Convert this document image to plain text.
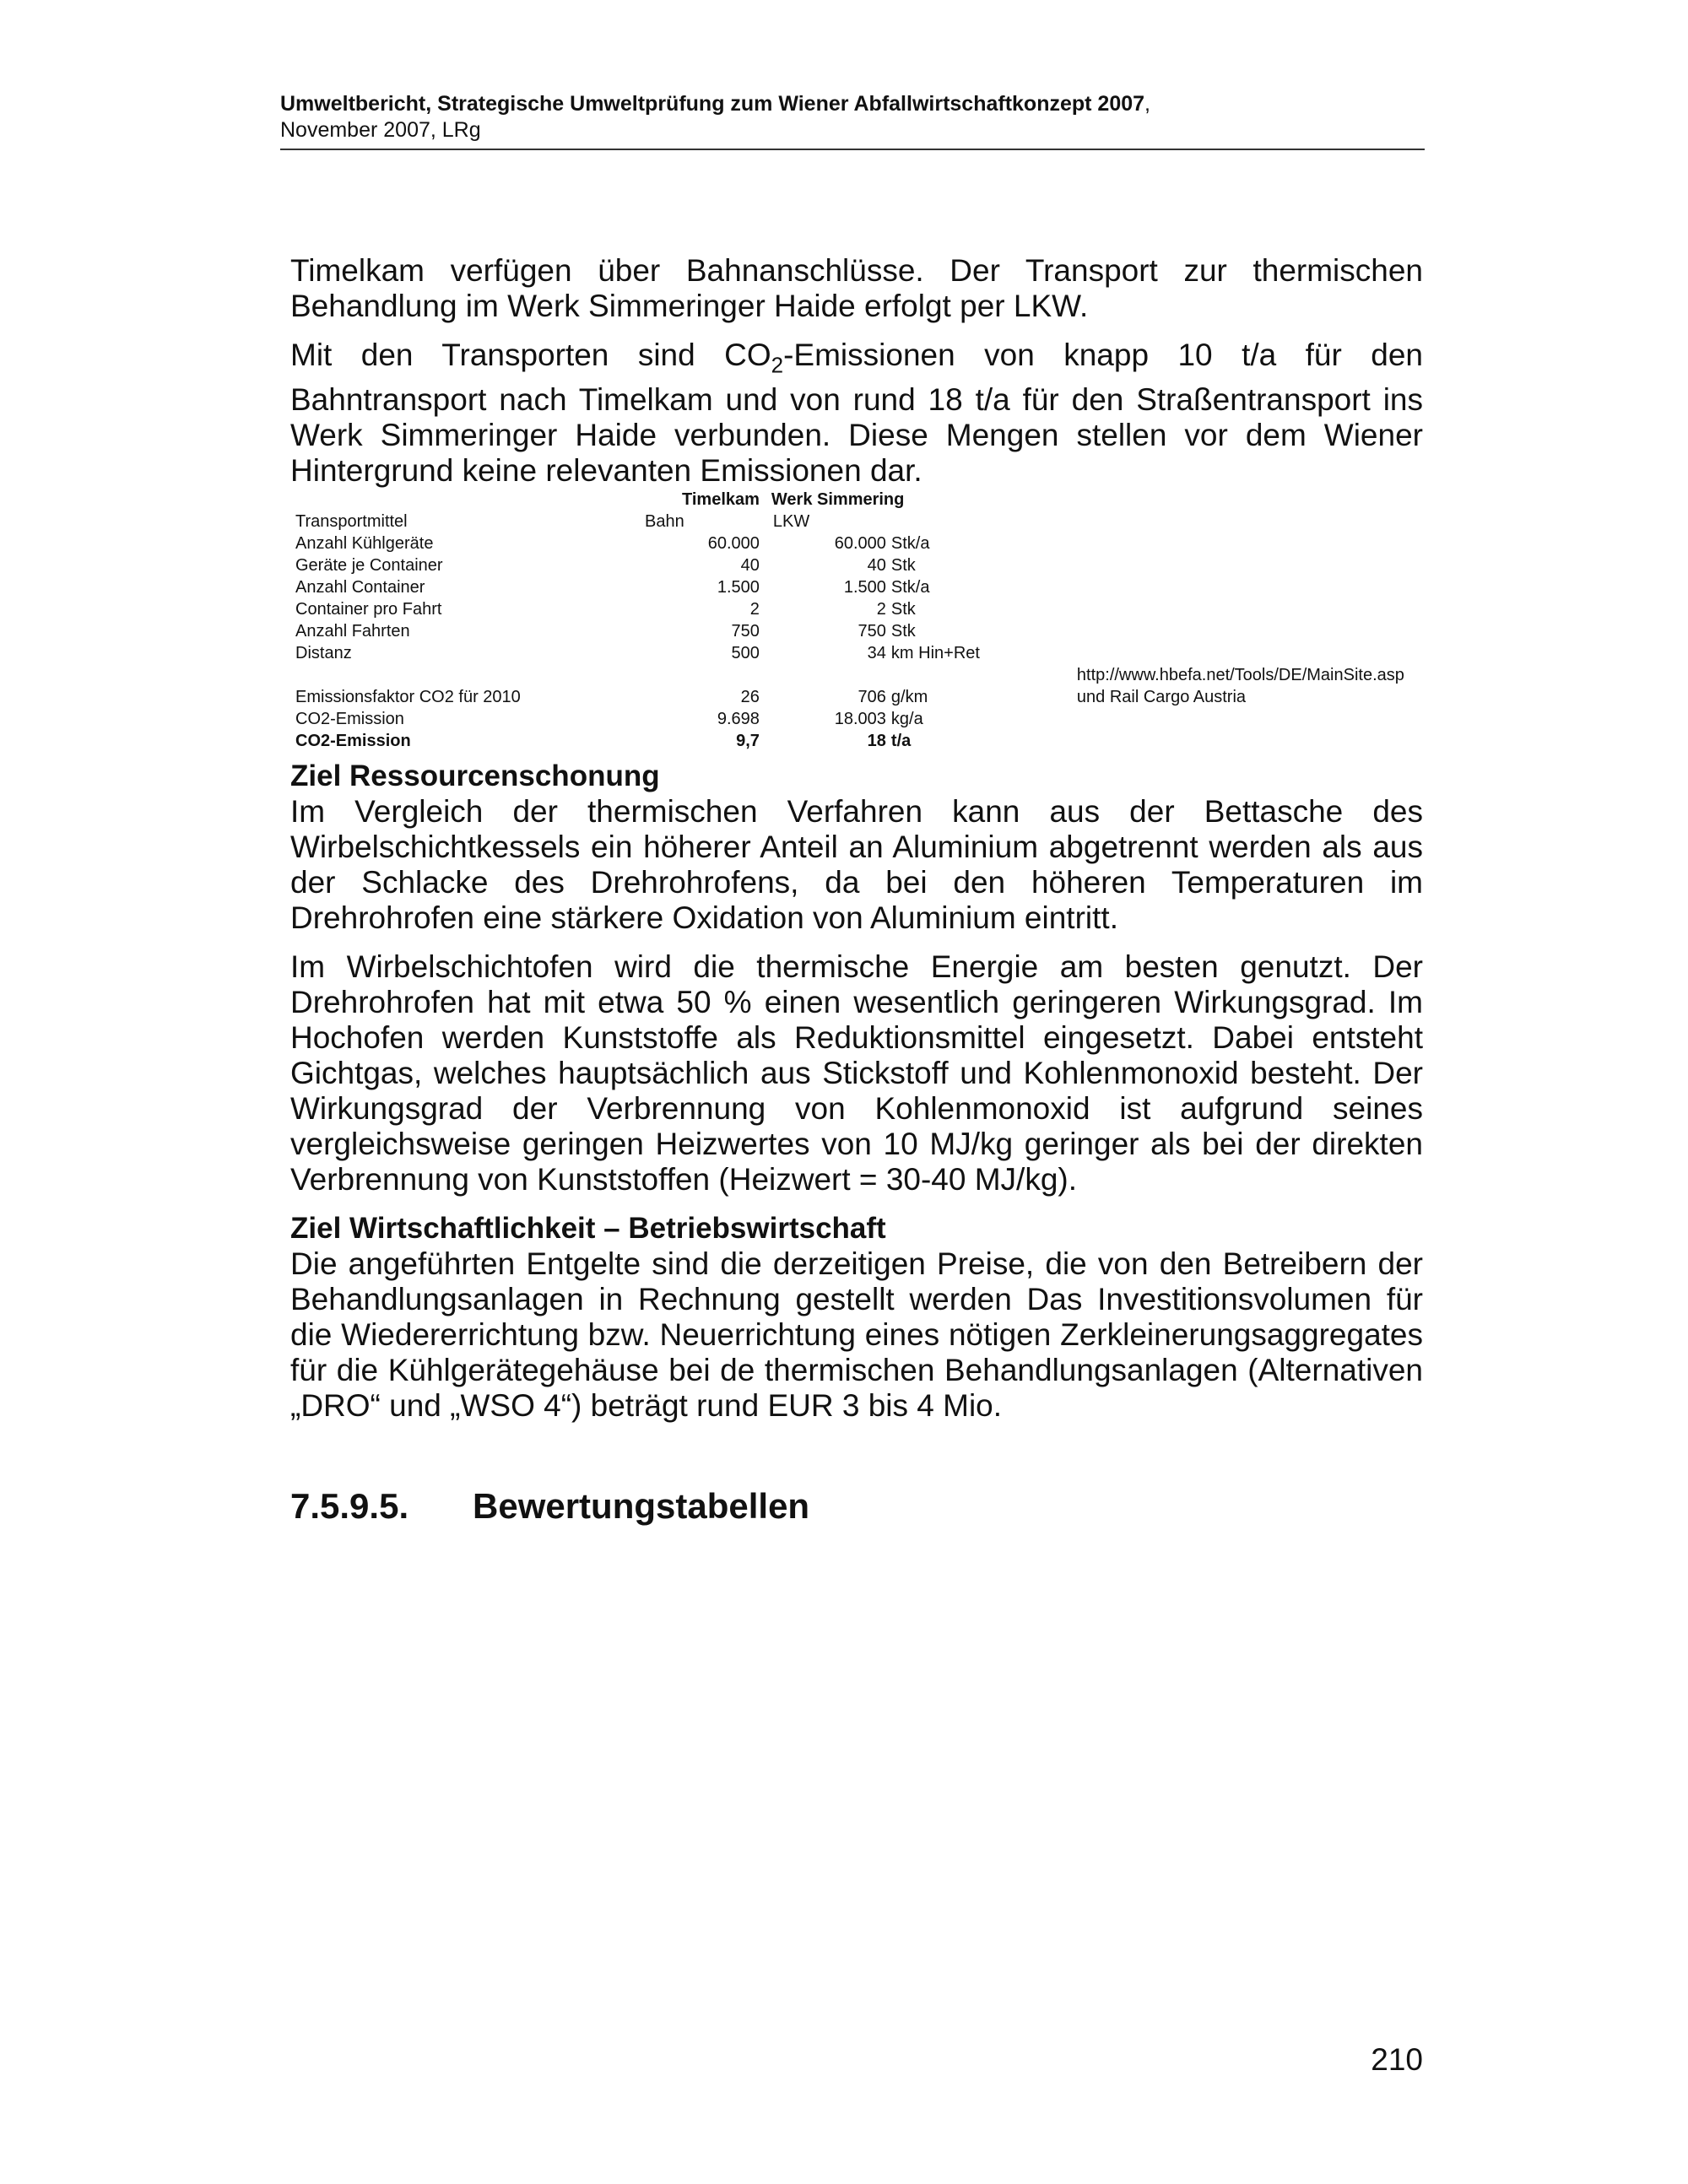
Umweltbericht, Strategische Umweltprüfung zum Wiener Abfallwirtschaftkonzept 2007,
November 2007, LRg

Timelkam verfügen über Bahnanschlüsse. Der Transport zur thermischen Behandlung im Werk Simmeringer Haide erfolgt per LKW.

Mit den Transporten sind $CO_2$-Emissionen von knapp 10 t/a für den Bahntransport nach Timelkam und von rund 18 t/a für den Straßentransport ins Werk Simmeringer Haide verbunden. Diese Mengen stellen vor dem Wiener Hintergrund keine relevanten Emissionen dar.

	Timelkam	Werk Simmering		
Transportmittel	Bahn	LKW		
Anzahl Kühlgeräte	60.000	60.000	Stk/a	
Geräte je Container	40	40	Stk	
Anzahl Container	1.500	1.500	Stk/a	
Container pro Fahrt	2	2	Stk	
Anzahl Fahrten	750	750	Stk	
Distanz	500	34	km Hin+Ret	
				http://www.hbefa.net/Tools/DE/MainSite.asp
Emissionsfaktor CO2 für 2010	26	706	g/km	und Rail Cargo Austria
CO2-Emission	9.698	18.003	kg/a	
CO2-Emission	9,7	18	t/a	
Ziel Ressourcenschonung

Im Vergleich der thermischen Verfahren kann aus der Bettasche des Wirbelschichtkessels ein höherer Anteil an Aluminium abgetrennt werden als aus der Schlacke des Drehrohrofens, da bei den höheren Temperaturen im Drehrohrofen eine stärkere Oxidation von Aluminium eintritt.

Im Wirbelschichtofen wird die thermische Energie am besten genutzt. Der Drehrohrofen hat mit etwa 50 % einen wesentlich geringeren Wirkungsgrad. Im Hochofen werden Kunststoffe als Reduktionsmittel eingesetzt. Dabei entsteht Gichtgas, welches hauptsächlich aus Stickstoff und Kohlenmonoxid besteht. Der Wirkungsgrad der Verbrennung von Kohlenmonoxid ist aufgrund seines vergleichsweise geringen Heizwertes von 10 MJ/kg geringer als bei der direkten Verbrennung von Kunststoffen (Heizwert = 30-40 MJ/kg).

Ziel Wirtschaftlichkeit – Betriebswirtschaft

Die angeführten Entgelte sind die derzeitigen Preise, die von den Betreibern der Behandlungsanlagen in Rechnung gestellt werden Das Investitionsvolumen für die Wiedererrichtung bzw. Neuerrichtung eines nötigen Zerkleinerungsaggregates für die Kühlgerätegehäuse bei de thermischen Behandlungsanlagen (Alternativen „DRO“ und „WSO 4“) beträgt rund EUR 3 bis 4 Mio.

7.5.9.5. Bewertungstabellen
210
